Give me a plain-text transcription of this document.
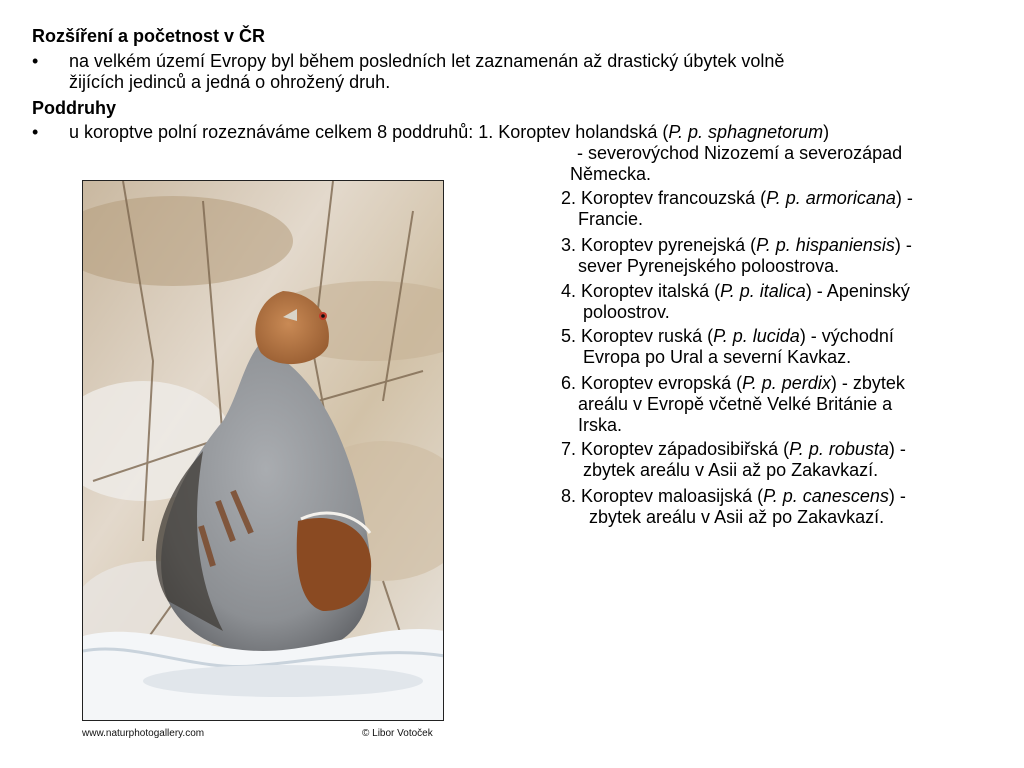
Rozšíření a početnost v ČR
• na velkém území Evropy byl během posledních let zaznamenán až drastický úbytek volně
žijících jedinců a jedná o ohrožený druh.
Poddruhy
• u koroptve polní rozeznáváme celkem 8 poddruhů: 1. Koroptev holandská (P. p. sphagnetorum)
- severovýchod Nizozemí a severozápad
Německa.
2. Koroptev francouzská (P. p. armoricana) -
Francie.
3. Koroptev pyrenejská (P. p. hispaniensis) -
sever Pyrenejského poloostrova.
4. Koroptev italská (P. p. italica) - Apeninský
poloostrov.
5. Koroptev ruská (P. p. lucida) - východní
Evropa po Ural a severní Kavkaz.
6. Koroptev evropská (P. p. perdix) - zbytek
areálu v Evropě včetně Velké Británie a
Irska.
7. Koroptev západosibiřská (P. p. robusta) -
zbytek areálu v Asii až po Zakavkazí.
8. Koroptev maloasijská (P. p. canescens) -
zbytek areálu v Asii až po Zakavkazí.
www.naturphotogallery.com	© Libor Votoček
